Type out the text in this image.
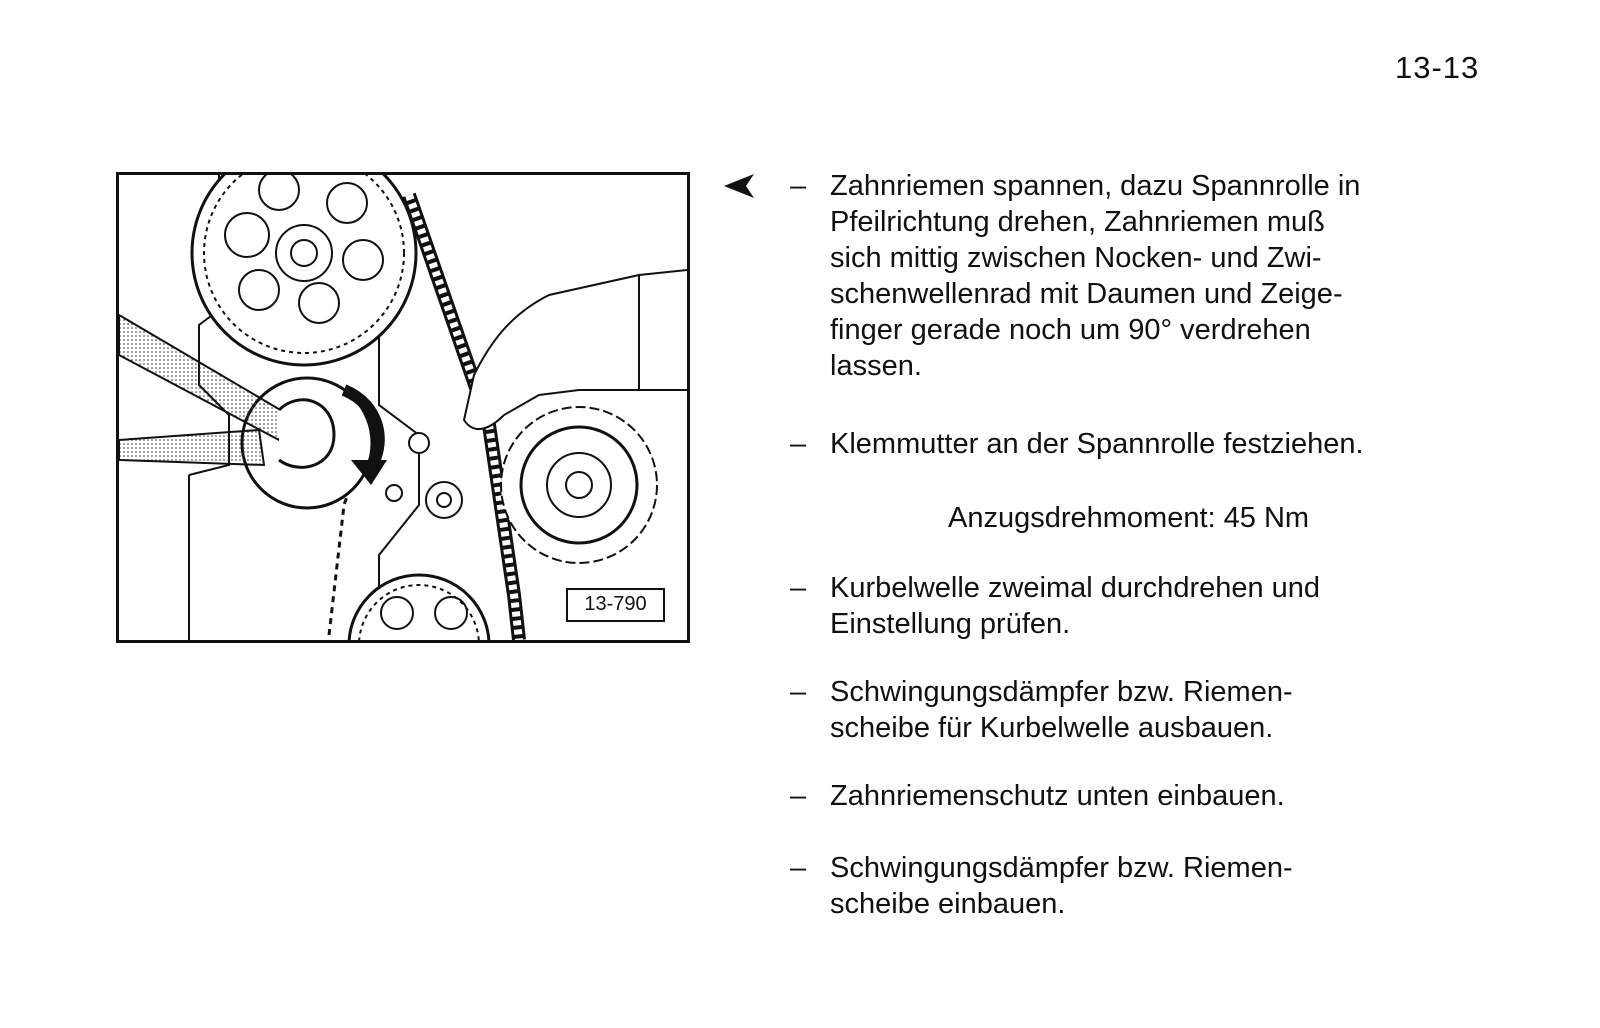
13-13
13-790
– Zahnriemen spannen, dazu Spannrolle in
Pfeilrichtung drehen, Zahnriemen muß
sich mittig zwischen Nocken- und Zwi-
schenwellenrad mit Daumen und Zeige-
finger gerade noch um 90° verdrehen
lassen.
– Klemmutter an der Spannrolle festziehen.
Anzugsdrehmoment: 45 Nm
– Kurbelwelle zweimal durchdrehen und
Einstellung prüfen.
– Schwingungsdämpfer bzw. Riemen-
scheibe für Kurbelwelle ausbauen.
– Zahnriemenschutz unten einbauen.
– Schwingungsdämpfer bzw. Riemen-
scheibe einbauen.
